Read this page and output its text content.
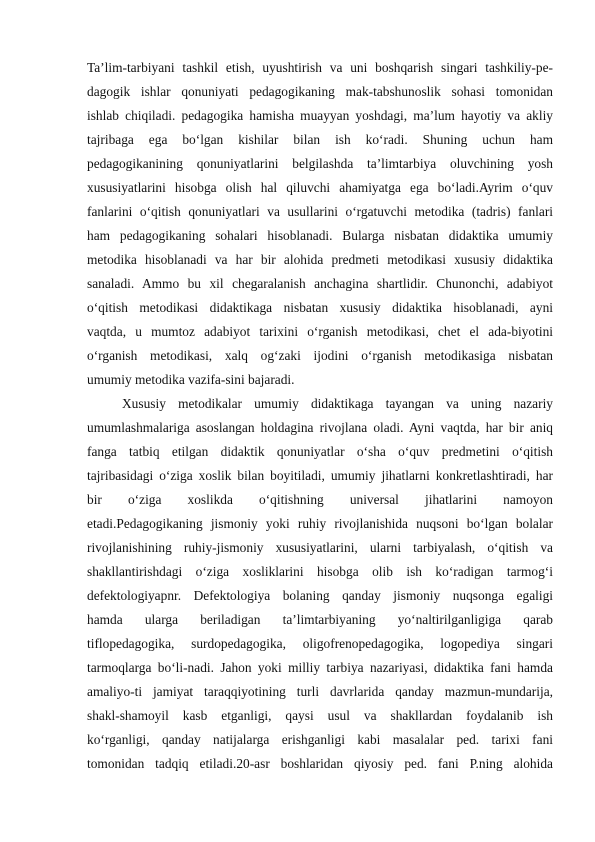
Ta’lim-tarbiyani tashkil etish, uyushtirish va uni boshqarish singari tashkiliy-pe-
dagogik ishlar qonuniyati pedagogikaning mak-tabshunoslik sohasi tomonidan
ishlab chiqiladi. pedagogika hamisha muayyan yoshdagi, ma’lum hayotiy va akliy
tajribaga ega bo‘lgan kishilar bilan ish ko‘radi. Shuning uchun ham
pedagogikanining qonuniyatlarini belgilashda ta’limtarbiya oluvchining yosh
xususiyatlarini hisobga olish hal qiluvchi ahamiyatga ega bo‘ladi.Ayrim o‘quv
fanlarini o‘qitish qonuniyatlari va usullarini o‘rgatuvchi metodika (tadris) fanlari
ham pedagogikaning sohalari hisoblanadi. Bularga nisbatan didaktika umumiy
metodika hisoblanadi va har bir alohida predmeti metodikasi xususiy didaktika
sanaladi. Ammo bu xil chegaralanish anchagina shartlidir. Chunonchi, adabiyot
o‘qitish metodikasi didaktikaga nisbatan xususiy didaktika hisoblanadi, ayni
vaqtda, u mumtoz adabiyot tarixini o‘rganish metodikasi, chet el ada-biyotini
o‘rganish metodikasi, xalq og‘zaki ijodini o‘rganish metodikasiga nisbatan
umumiy metodika vazifa-sini bajaradi.
Xususiy metodikalar umumiy didaktikaga tayangan va uning nazariy
umumlashmalariga asoslangan holdagina rivojlana oladi. Ayni vaqtda, har bir aniq
fanga tatbiq etilgan didaktik qonuniyatlar o‘sha o‘quv predmetini o‘qitish
tajribasidagi o‘ziga xoslik bilan boyitiladi, umumiy jihatlarni konkretlashtiradi, har
bir o‘ziga xoslikda o‘qitishning universal jihatlarini namoyon
etadi.Pedagogikaning jismoniy yoki ruhiy rivojlanishida nuqsoni bo‘lgan bolalar
rivojlanishining ruhiy-jismoniy xususiyatlarini, ularni tarbiyalash, o‘qitish va
shakllantirishdagi o‘ziga xosliklarini hisobga olib ish ko‘radigan tarmog‘i
defektologiyapnr. Defektologiya bolaning qanday jismoniy nuqsonga egaligi
hamda ularga beriladigan ta’limtarbiyaning yo‘naltirilganligiga qarab
tiflopedagogika, surdopedagogika, oligofrenopedagogika, logopediya singari
tarmoqlarga bo‘li-nadi. Jahon yoki milliy tarbiya nazariyasi, didaktika fani hamda
amaliyo-ti jamiyat taraqqiyotining turli davrlarida qanday mazmun-mundarija,
shakl-shamoyil kasb etganligi, qaysi usul va shakllardan foydalanib ish
ko‘rganligi, qanday natijalarga erishganligi kabi masalalar ped. tarixi fani
tomonidan tadqiq etiladi.20-asr boshlaridan qiyosiy ped. fani P.ning alohida
